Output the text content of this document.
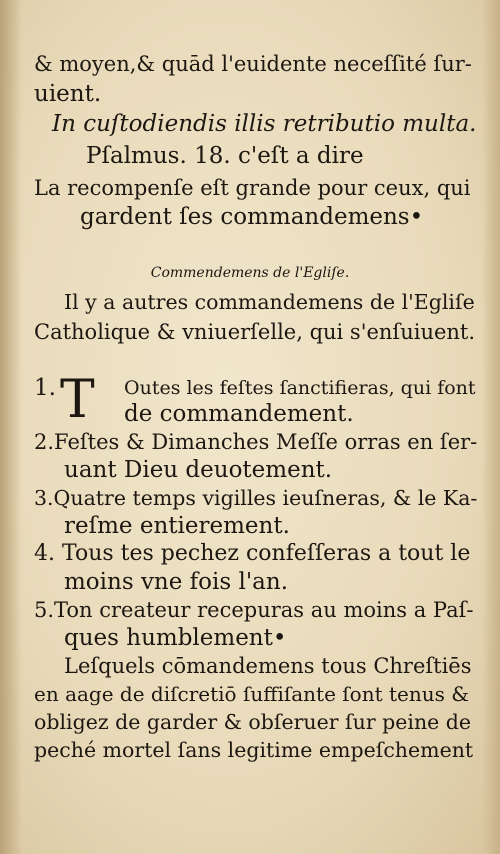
& moyen,& quād l'euidente neceſſité ſur-
uient.
In cuſtodiendis illis retributio multa.
Pſalmus. 18. c'eſt a dire
La recompenſe eſt grande pour ceux, qui
gardent ſes commandemens•
Commendemens de l'Egliſe.
Il y a autres commandemens de l'Egliſe
Catholique & vniuerſelle, qui s'enſuiuent.
1. T Outes les feſtes ſanctifieras, qui font
de commandement.
2.Feſtes & Dimanches Meſſe orras en ſer-
uant Dieu deuotement.
3.Quatre temps vigilles ieuſneras, & le Ka-
reſme entierement.
4. Tous tes pechez confeſſeras a tout le
moins vne fois l'an.
5.Ton createur recepuras au moins a Paſ-
ques humblement•
Leſquels cōmandemens tous Chreſtiēs
en aage de diſcretiō ſuffiſante ſont tenus &
obligez de garder & obſeruer ſur peine de
peché mortel ſans legitime empeſchement
